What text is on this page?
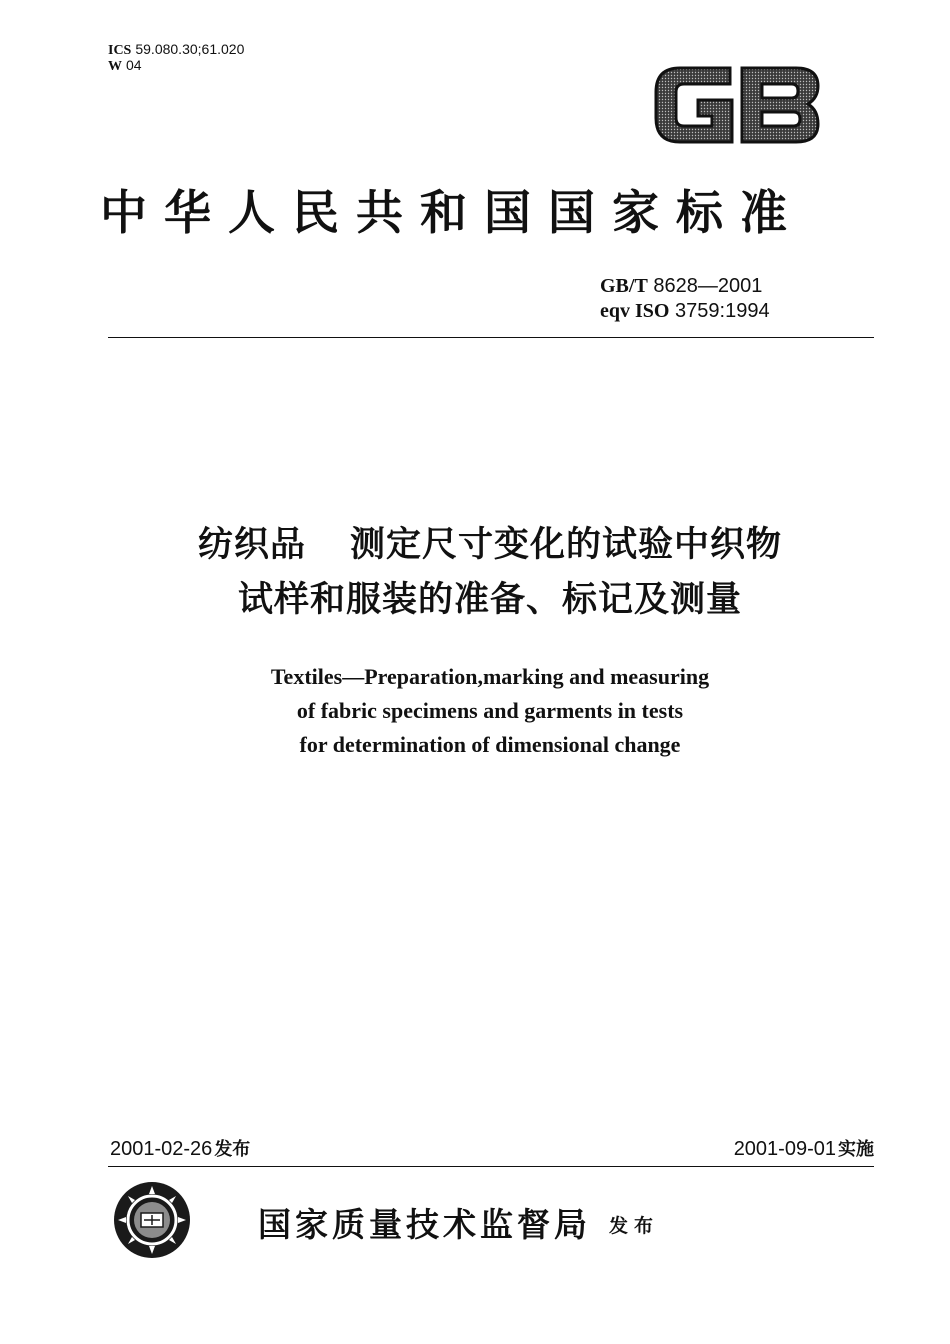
ICS 59.080.30;61.020
W 04
中华人民共和国国家标准
GB/T 8628—2001
eqv ISO 3759:1994
纺织品 测定尺寸变化的试验中织物
试样和服装的准备、标记及测量
Textiles—Preparation,marking and measuring
of fabric specimens and garments in tests
for determination of dimensional change
2001-02-26 发布	2001-09-01 实施
国家质量技术监督局 发布
